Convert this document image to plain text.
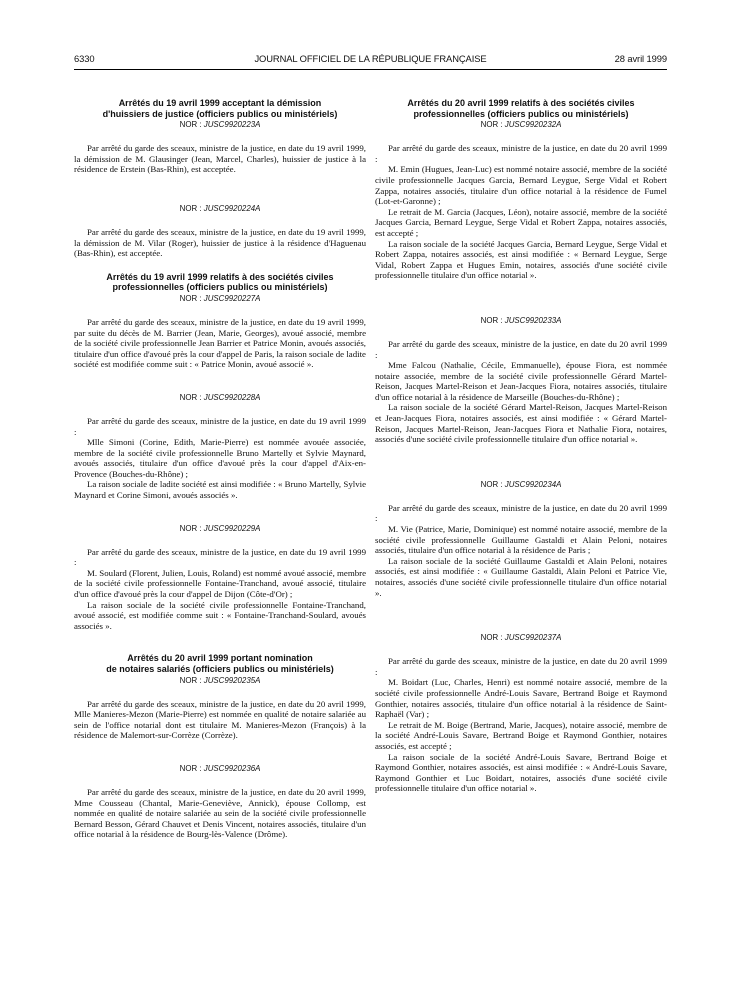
6330	JOURNAL OFFICIEL DE LA RÉPUBLIQUE FRANÇAISE	28 avril 1999

Arrêtés du 19 avril 1999 acceptant la démission
d'huissiers de justice (officiers publics ou ministériels)

NOR : JUSC9920223A

Par arrêté du garde des sceaux, ministre de la justice, en date du 19 avril 1999, la démission de M. Glausinger (Jean, Marcel, Charles), huissier de justice à la résidence de Erstein (Bas-Rhin), est acceptée.

NOR : JUSC9920224A

Par arrêté du garde des sceaux, ministre de la justice, en date du 19 avril 1999, la démission de M. Vilar (Roger), huissier de justice à la résidence d'Haguenau (Bas-Rhin), est acceptée.

Arrêtés du 19 avril 1999 relatifs à des sociétés civiles
professionnelles (officiers publics ou ministériels)

NOR : JUSC9920227A

Par arrêté du garde des sceaux, ministre de la justice, en date du 19 avril 1999, par suite du décès de M. Barrier (Jean, Marie, Georges), avoué associé, membre de la société civile professionnelle Jean Barrier et Patrice Monin, avoués associés, titulaire d'un office d'avoué près la cour d'appel de Paris, la raison sociale de ladite société est modifiée comme suit : « Patrice Monin, avoué associé ».

NOR : JUSC9920228A

Par arrêté du garde des sceaux, ministre de la justice, en date du 19 avril 1999 :

Mlle Simoni (Corine, Edith, Marie-Pierre) est nommée avouée associée, membre de la société civile professionnelle Bruno Martelly et Sylvie Maynard, avoués associés, titulaire d'un office d'avoué près la cour d'appel d'Aix-en-Provence (Bouches-du-Rhône) ;

La raison sociale de ladite société est ainsi modifiée : « Bruno Martelly, Sylvie Maynard et Corine Simoni, avoués associés ».

NOR : JUSC9920229A

Par arrêté du garde des sceaux, ministre de la justice, en date du 19 avril 1999 :

M. Soulard (Florent, Julien, Louis, Roland) est nommé avoué associé, membre de la société civile professionnelle Fontaine-Tranchand, avoué associé, titulaire d'un office d'avoué près la cour d'appel de Dijon (Côte-d'Or) ;

La raison sociale de la société civile professionnelle Fontaine-Tranchand, avoué associé, est modifiée comme suit : « Fontaine-Tranchand-Soulard, avoués associés ».

Arrêtés du 20 avril 1999 portant nomination
de notaires salariés (officiers publics ou ministériels)

NOR : JUSC9920235A

Par arrêté du garde des sceaux, ministre de la justice, en date du 20 avril 1999, Mlle Manieres-Mezon (Marie-Pierre) est nommée en qualité de notaire salariée au sein de l'office notarial dont est titulaire M. Manieres-Mezon (François) à la résidence de Malemort-sur-Corrèze (Corrèze).

NOR : JUSC9920236A

Par arrêté du garde des sceaux, ministre de la justice, en date du 20 avril 1999, Mme Cousseau (Chantal, Marie-Geneviève, Annick), épouse Collomp, est nommée en qualité de notaire salariée au sein de la société civile professionnelle Bernard Besson, Gérard Chauvet et Denis Vincent, notaires associés, titulaire d'un office notarial à la résidence de Bourg-lès-Valence (Drôme).

Arrêtés du 20 avril 1999 relatifs à des sociétés civiles
professionnelles (officiers publics ou ministériels)

NOR : JUSC9920232A

Par arrêté du garde des sceaux, ministre de la justice, en date du 20 avril 1999 :

M. Emin (Hugues, Jean-Luc) est nommé notaire associé, membre de la société civile professionnelle Jacques Garcia, Bernard Leygue, Serge Vidal et Robert Zappa, notaires associés, titulaire d'un office notarial à la résidence de Fumel (Lot-et-Garonne) ;

Le retrait de M. Garcia (Jacques, Léon), notaire associé, membre de la société Jacques Garcia, Bernard Leygue, Serge Vidal et Robert Zappa, notaires associés, est accepté ;

La raison sociale de la société Jacques Garcia, Bernard Leygue, Serge Vidal et Robert Zappa, notaires associés, est ainsi modifiée : « Bernard Leygue, Serge Vidal, Robert Zappa et Hugues Emin, notaires, associés d'une société civile professionnelle titulaire d'un office notarial ».

NOR : JUSC9920233A

Par arrêté du garde des sceaux, ministre de la justice, en date du 20 avril 1999 :

Mme Falcou (Nathalie, Cécile, Emmanuelle), épouse Fiora, est nommée notaire associée, membre de la société civile professionnelle Gérard Martel-Reison, Jacques Martel-Reison et Jean-Jacques Fiora, notaires associés, titulaire d'un office notarial à la résidence de Marseille (Bouches-du-Rhône) ;

La raison sociale de la société Gérard Martel-Reison, Jacques Martel-Reison et Jean-Jacques Fiora, notaires associés, est ainsi modifiée : « Gérard Martel-Reison, Jacques Martel-Reison, Jean-Jacques Fiora et Nathalie Fiora, notaires, associés d'une société civile professionnelle titulaire d'un office notarial ».

NOR : JUSC9920234A

Par arrêté du garde des sceaux, ministre de la justice, en date du 20 avril 1999 :

M. Vie (Patrice, Marie, Dominique) est nommé notaire associé, membre de la société civile professionnelle Guillaume Gastaldi et Alain Peloni, notaires associés, titulaire d'un office notarial à la résidence de Paris ;

La raison sociale de la société Guillaume Gastaldi et Alain Peloni, notaires associés, est ainsi modifiée : « Guillaume Gastaldi, Alain Peloni et Patrice Vie, notaires, associés d'une société civile professionnelle titulaire d'un office notarial ».

NOR : JUSC9920237A

Par arrêté du garde des sceaux, ministre de la justice, en date du 20 avril 1999 :

M. Boidart (Luc, Charles, Henri) est nommé notaire associé, membre de la société civile professionnelle André-Louis Savare, Bertrand Boige et Raymond Gonthier, notaires associés, titulaire d'un office notarial à la résidence de Saint-Raphaël (Var) ;

Le retrait de M. Boige (Bertrand, Marie, Jacques), notaire associé, membre de la société André-Louis Savare, Bertrand Boige et Raymond Gonthier, notaires associés, est accepté ;

La raison sociale de la société André-Louis Savare, Bertrand Boige et Raymond Gonthier, notaires associés, est ainsi modifiée : « André-Louis Savare, Raymond Gonthier et Luc Boidart, notaires, associés d'une société civile professionnelle titulaire d'un office notarial ».
